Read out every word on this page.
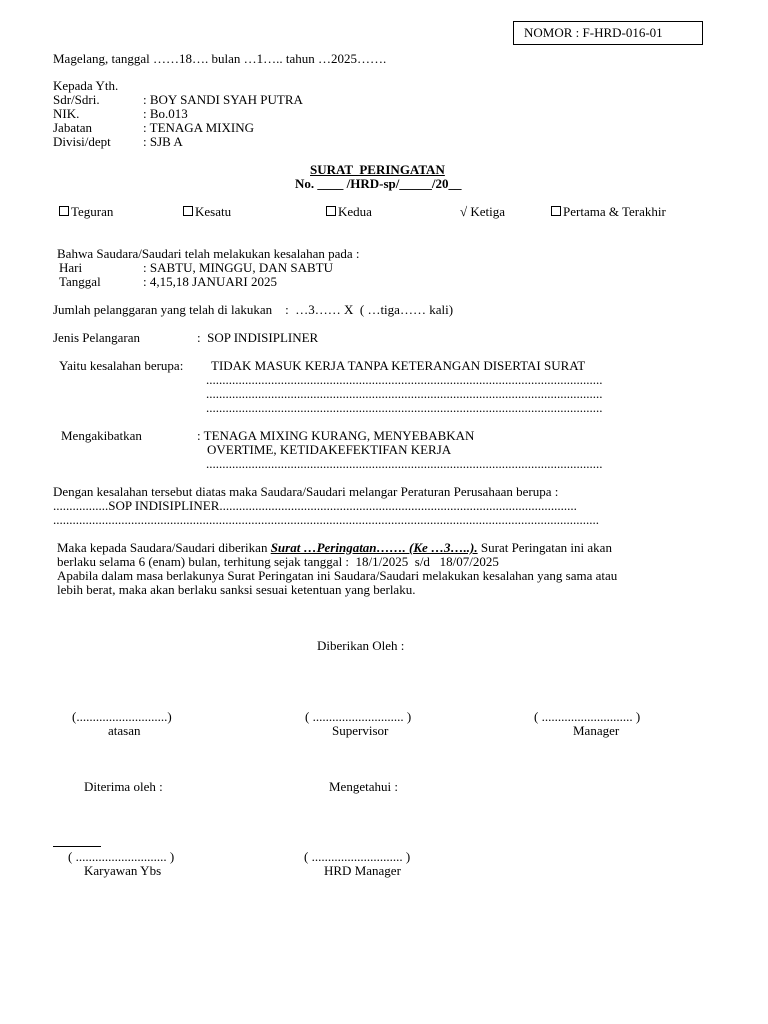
NOMOR : F-HRD-016-01
Magelang, tanggal ……18…. bulan …1….. tahun …2025…….
Kepada Yth.
Sdr/Sdri.	: BOY SANDI SYAH PUTRA
NIK.	: Bo.013
Jabatan	: TENAGA MIXING
Divisi/dept : SJB A
SURAT  PERINGATAN
No. ____ /HRD-sp/_____/20__
Teguran	Kesatu	Kedua	√ Ketiga	Pertama & Terakhir
Bahwa Saudara/Saudari telah melakukan kesalahan pada :
Hari	: SABTU, MINGGU, DAN SABTU
Tanggal	: 4,15,18 JANUARI 2025
Jumlah pelanggaran yang telah di lakukan    :  …3…… X  ( …tiga…… kali)
Jenis Pelangaran	:  SOP INDISIPLINER
Yaitu kesalahan berupa: TIDAK MASUK KERJA TANPA KETERANGAN DISERTAI SURAT
..........................................................................................................................
..........................................................................................................................
..........................................................................................................................
Mengakibatkan	: TENAGA MIXING KURANG, MENYEBABKAN
OVERTIME, KETIDAKEFEKTIFAN KERJA
..........................................................................................................................
Dengan kesalahan tersebut diatas maka Saudara/Saudari melangar Peraturan Perusahaan berupa :
.................SOP INDISIPLINER..............................................................................................................
........................................................................................................................................................................
Maka kepada Saudara/Saudari diberikan Surat …Peringatan……. (Ke …3…..). Surat Peringatan ini akan
berlaku selama 6 (enam) bulan, terhitung sejak tanggal :  18/1/2025  s/d   18/07/2025
Apabila dalam masa berlakunya Surat Peringatan ini Saudara/Saudari melakukan kesalahan yang sama atau
lebih berat, maka akan berlaku sanksi sesuai ketentuan yang berlaku.
Diberikan Oleh :
(............................)	( ............................ )	( ............................ )
atasan	Supervisor	Manager
Diterima oleh :	Mengetahui :
( ............................ )	( ............................ )
Karyawan Ybs	HRD Manager
